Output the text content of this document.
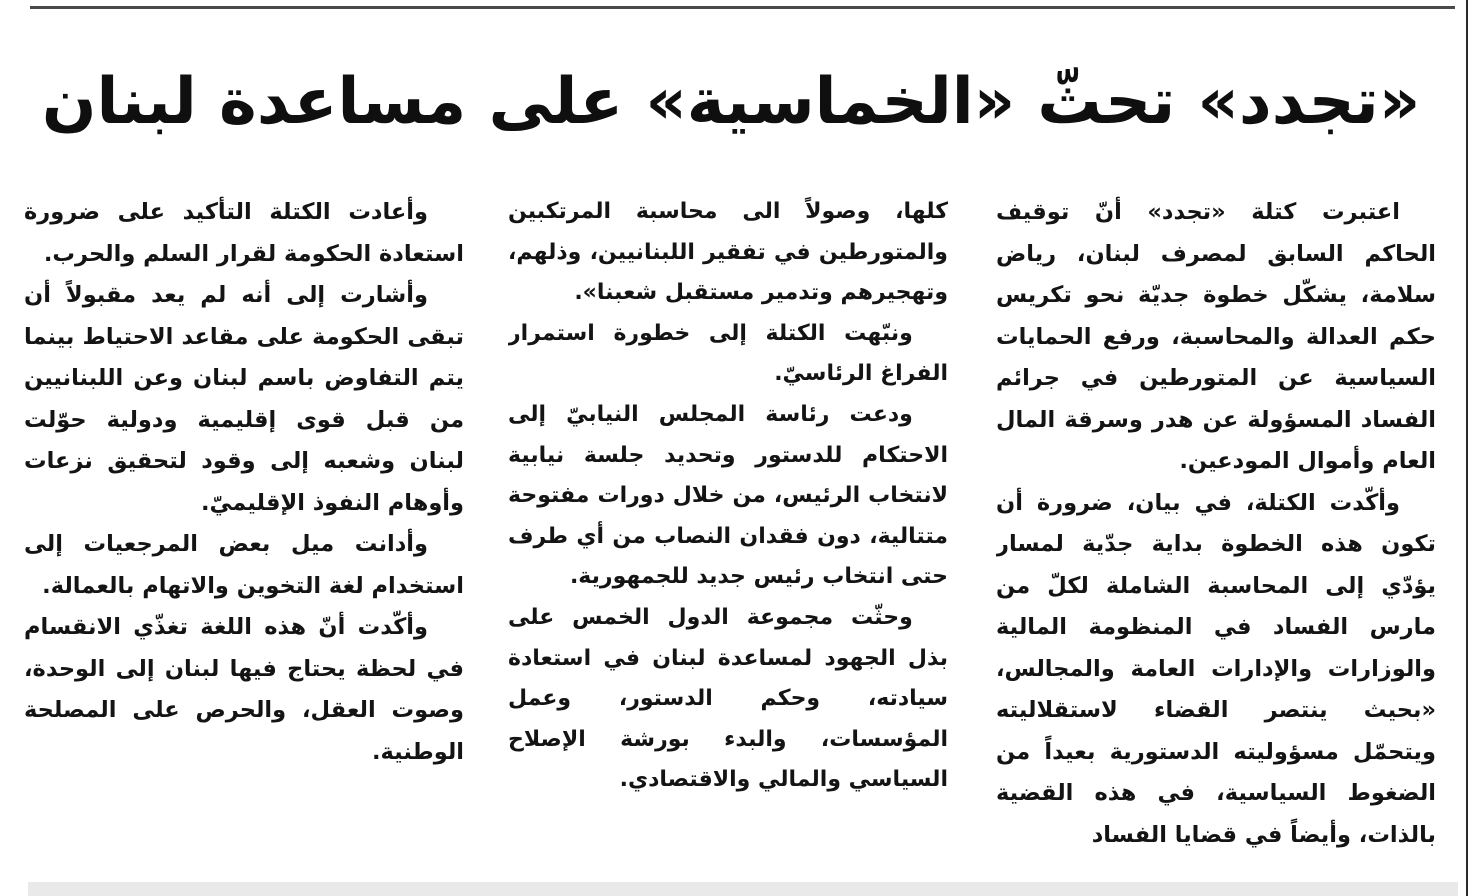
«تجدد» تحثّ «الخماسية» على مساعدة لبنان

اعتبرت كتلة «تجدد» أنّ توقيف الحاكم السابق لمصرف لبنان، رياض سلامة، يشكّل خطوة جديّة نحو تكريس حكم العدالة والمحاسبة، ورفع الحمايات السياسية عن المتورطين في جرائم الفساد المسؤولة عن هدر وسرقة المال العام وأموال المودعين.

وأكّدت الكتلة، في بيان، ضرورة أن تكون هذه الخطوة بداية جدّية لمسار يؤدّي إلى المحاسبة الشاملة لكلّ من مارس الفساد في المنظومة المالية والوزارات والإدارات العامة والمجالس، «بحيث ينتصر القضاء لاستقلاليته ويتحمّل مسؤوليته الدستورية بعيداً من الضغوط السياسية، في هذه القضية بالذات، وأيضاً في قضايا الفساد

كلها، وصولاً الى محاسبة المرتكبين والمتورطين في تفقير اللبنانيين، وذلهم، وتهجيرهم وتدمير مستقبل شعبنا».

ونبّهت الكتلة إلى خطورة استمرار الفراغ الرئاسيّ.

ودعت رئاسة المجلس النيابيّ إلى الاحتكام للدستور وتحديد جلسة نيابية لانتخاب الرئيس، من خلال دورات مفتوحة متتالية، دون فقدان النصاب من أي طرف حتى انتخاب رئيس جديد للجمهورية.

وحثّت مجموعة الدول الخمس على بذل الجهود لمساعدة لبنان في استعادة سيادته، وحكم الدستور، وعمل المؤسسات، والبدء بورشة الإصلاح السياسي والمالي والاقتصادي.

وأعادت الكتلة التأكيد على ضرورة استعادة الحكومة لقرار السلم والحرب.

وأشارت إلى أنه لم يعد مقبولاً أن تبقى الحكومة على مقاعد الاحتياط بينما يتم التفاوض باسم لبنان وعن اللبنانيين من قبل قوى إقليمية ودولية حوّلت لبنان وشعبه إلى وقود لتحقيق نزعات وأوهام النفوذ الإقليميّ.

وأدانت ميل بعض المرجعيات إلى استخدام لغة التخوين والاتهام بالعمالة.

وأكّدت أنّ هذه اللغة تغذّي الانقسام في لحظة يحتاج فيها لبنان إلى الوحدة، وصوت العقل، والحرص على المصلحة الوطنية.
